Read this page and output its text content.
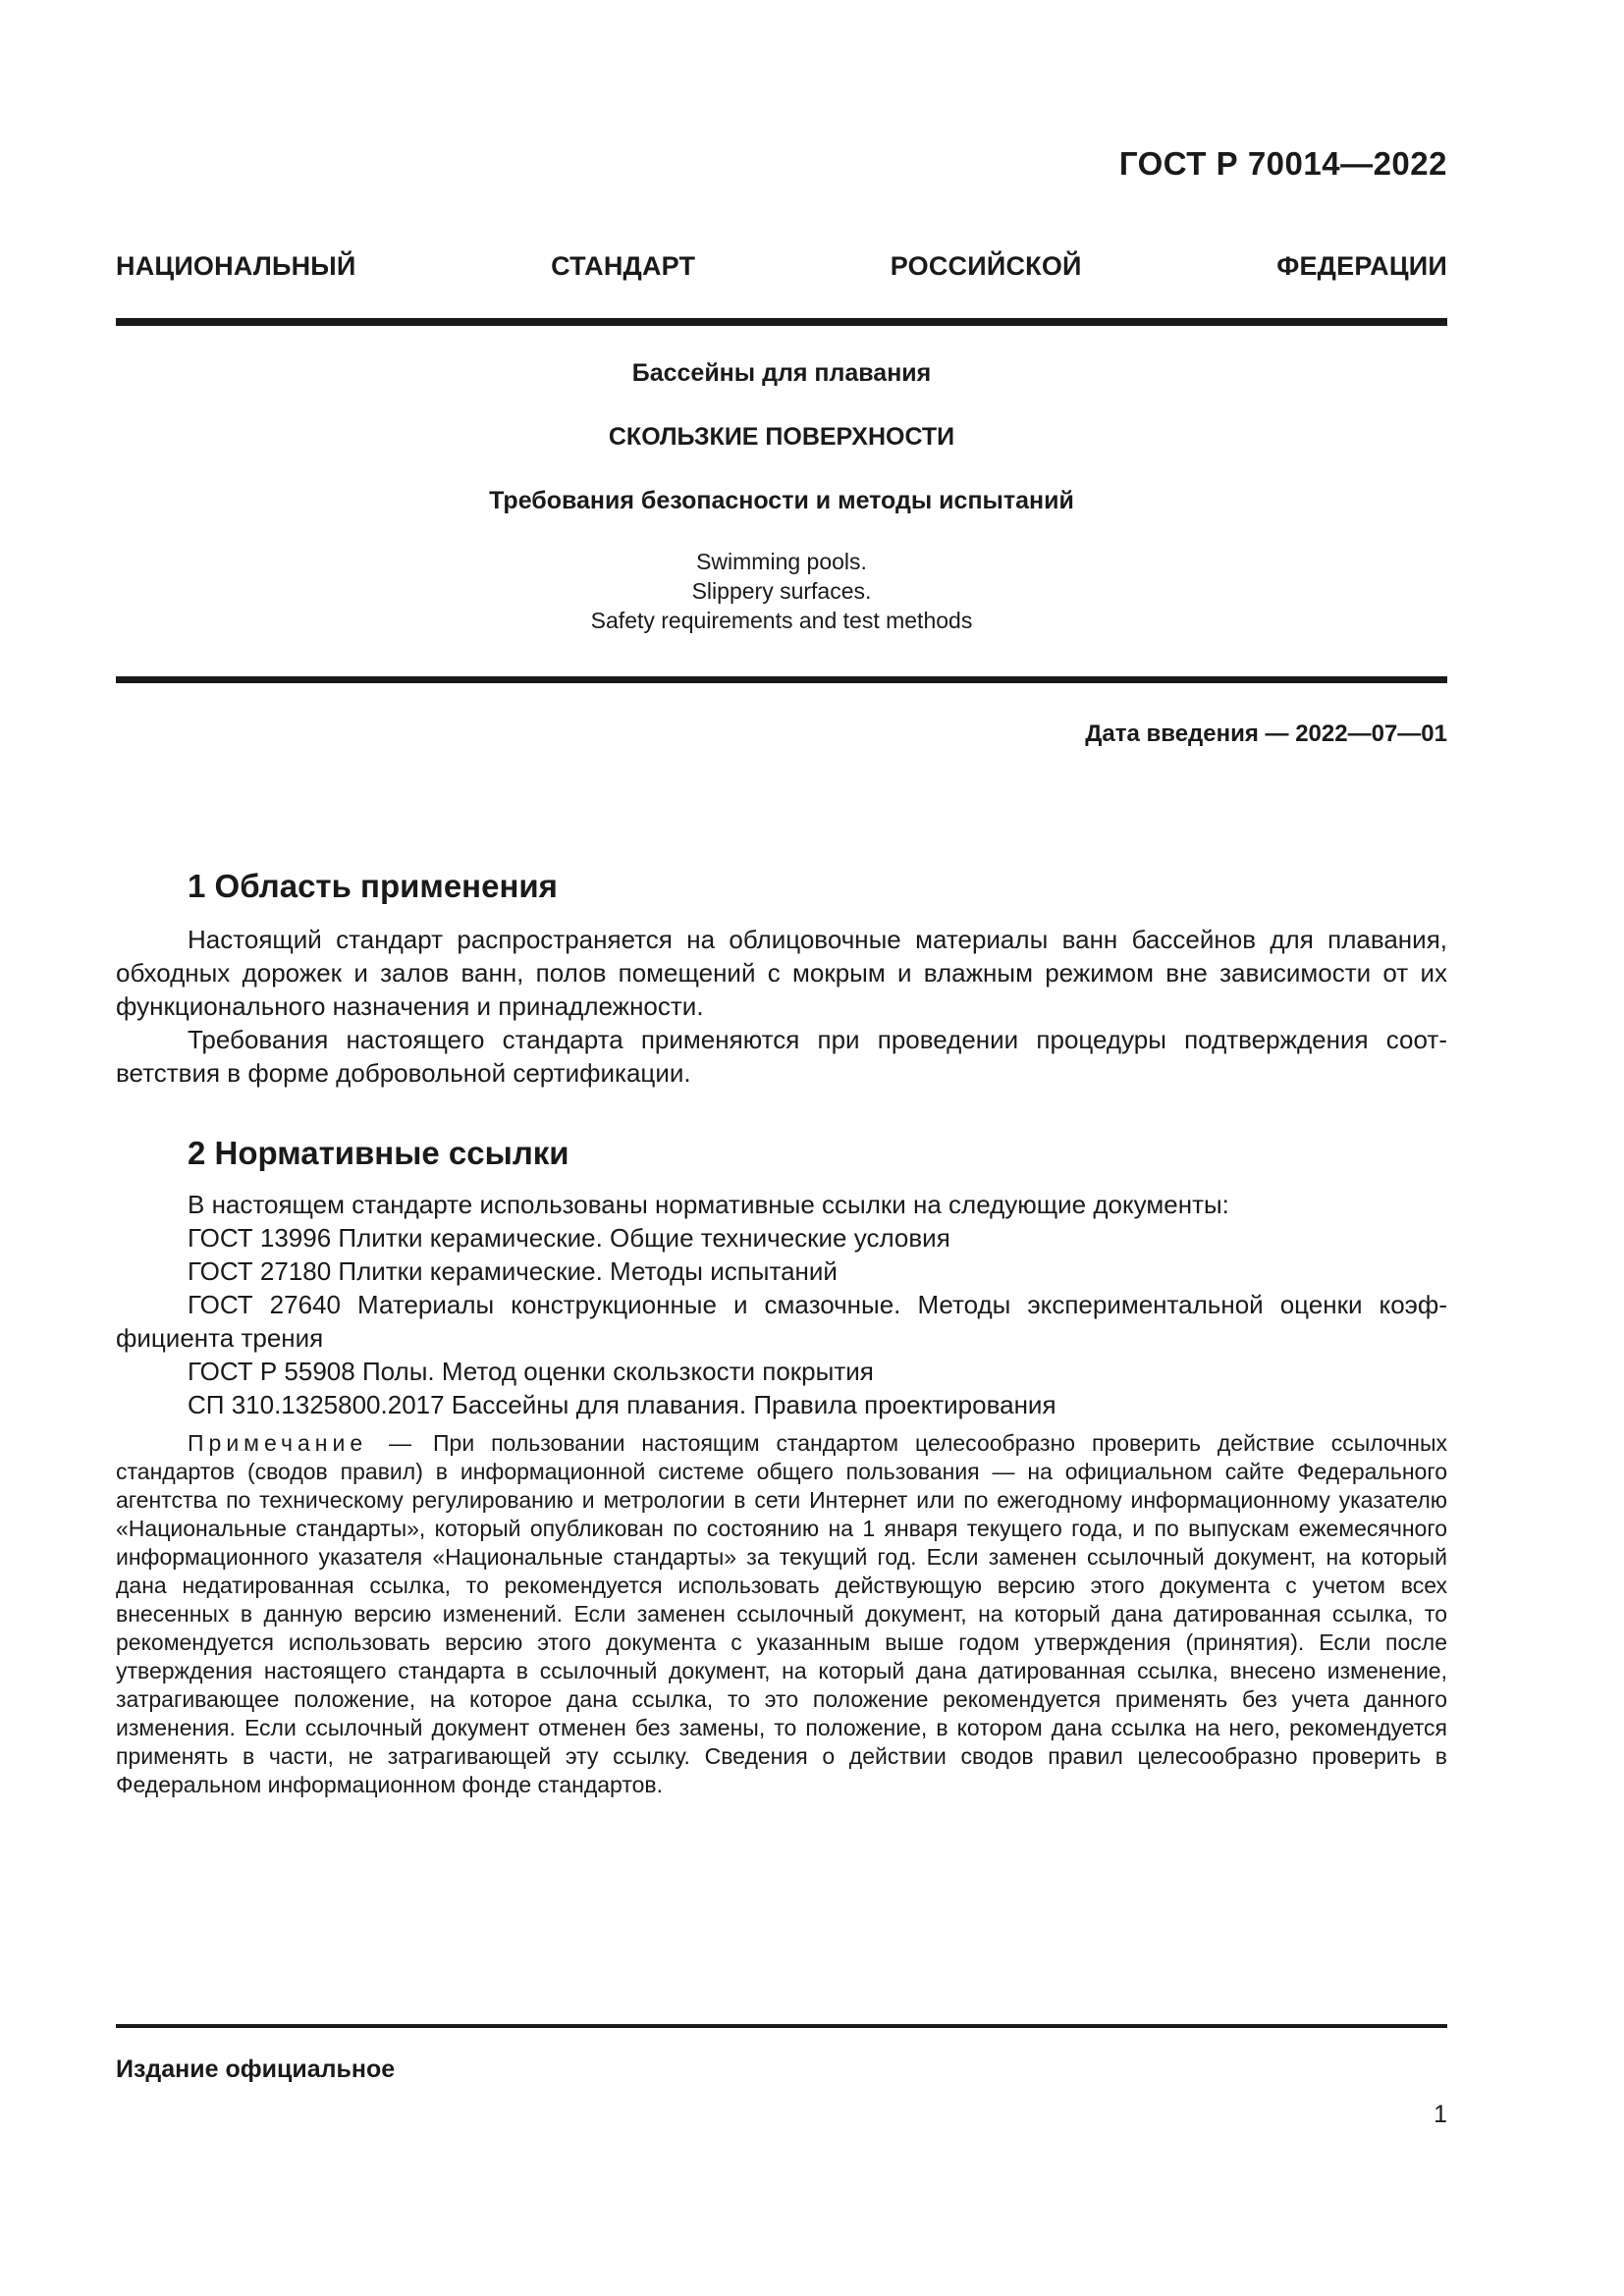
ГОСТ Р 70014—2022
НАЦИОНАЛЬНЫЙ СТАНДАРТ РОССИЙСКОЙ ФЕДЕРАЦИИ
Бассейны для плавания
СКОЛЬЗКИЕ ПОВЕРХНОСТИ
Требования безопасности и методы испытаний
Swimming pools.
Slippery surfaces.
Safety requirements and test methods
Дата введения — 2022—07—01
1 Область применения

Настоящий стандарт распространяется на облицовочные материалы ванн бассейнов для плавания, обходных дорожек и залов ванн, полов помещений с мокрым и влажным режимом вне зависимости от их функционального назначения и принадлежности.

Требования настоящего стандарта применяются при проведении процедуры подтверждения соответствия в форме добровольной сертификации.

2 Нормативные ссылки

В настоящем стандарте использованы нормативные ссылки на следующие документы:

ГОСТ 13996 Плитки керамические. Общие технические условия

ГОСТ 27180 Плитки керамические. Методы испытаний

ГОСТ 27640 Материалы конструкционные и смазочные. Методы экспериментальной оценки коэффициента трения

ГОСТ Р 55908 Полы. Метод оценки скользкости покрытия

СП 310.1325800.2017 Бассейны для плавания. Правила проектирования

Примечание — При пользовании настоящим стандартом целесообразно проверить действие ссылочных стандартов (сводов правил) в информационной системе общего пользования — на официальном сайте Федерального агентства по техническому регулированию и метрологии в сети Интернет или по ежегодному информационному указателю «Национальные стандарты», который опубликован по состоянию на 1 января текущего года, и по выпускам ежемесячного информационного указателя «Национальные стандарты» за текущий год. Если заменен ссылочный документ, на который дана недатированная ссылка, то рекомендуется использовать действующую версию этого документа с учетом всех внесенных в данную версию изменений. Если заменен ссылочный документ, на который дана датированная ссылка, то рекомендуется использовать версию этого документа с указанным выше годом утверждения (принятия). Если после утверждения настоящего стандарта в ссылочный документ, на который дана датированная ссылка, внесено изменение, затрагивающее положение, на которое дана ссылка, то это положение рекомендуется применять без учета данного изменения. Если ссылочный документ отменен без замены, то положение, в котором дана ссылка на него, рекомендуется применять в части, не затрагивающей эту ссылку. Сведения о действии сводов правил целесообразно проверить в Федеральном информационном фонде стандартов.

Издание официальное
1
